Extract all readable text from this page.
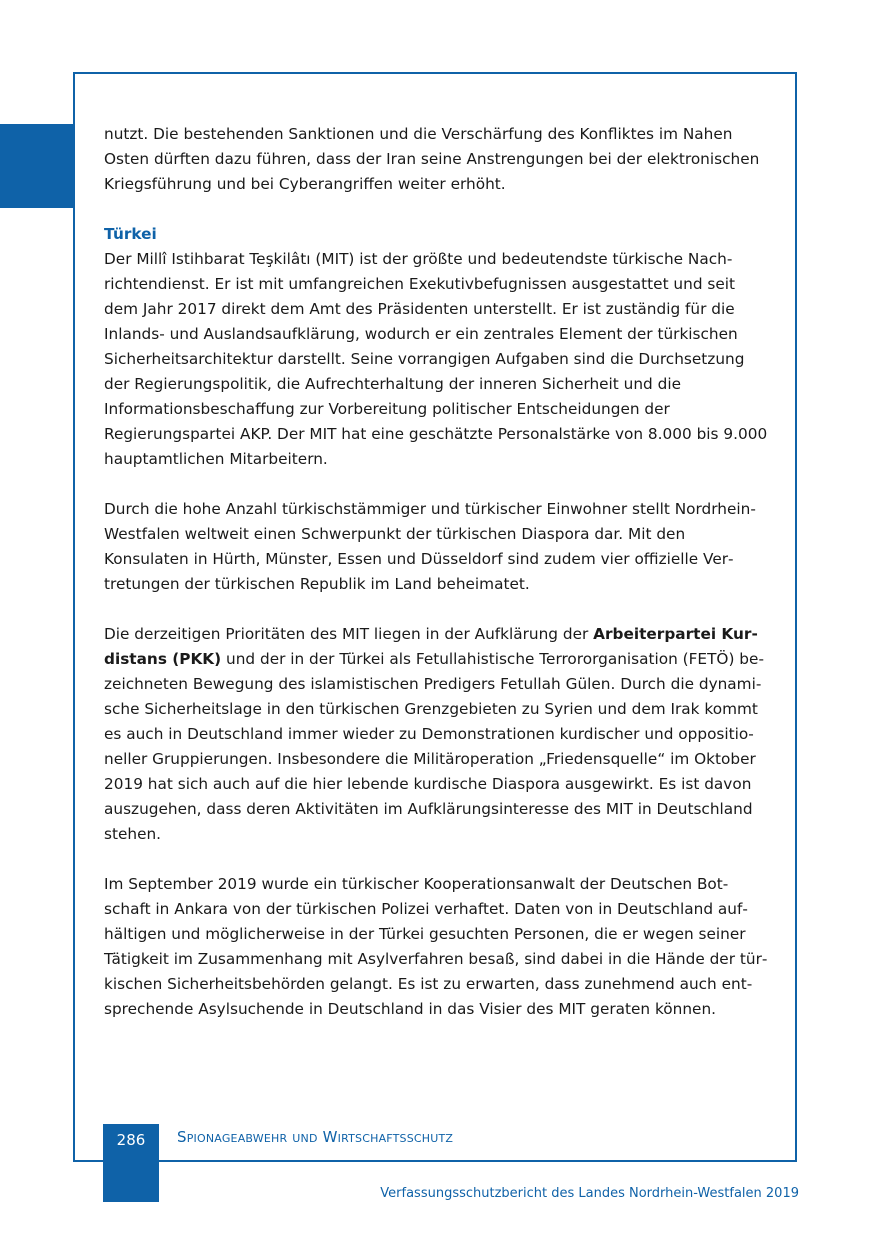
nutzt. Die bestehenden Sanktionen und die Verschärfung des Konfliktes im Nahen Osten dürften dazu führen, dass der Iran seine Anstrengungen bei der elektronischen Kriegsführung und bei Cyberangriffen weiter erhöht.

Türkei

Der Millî Istihbarat Teşkilâtı (MIT) ist der größte und bedeutendste türkische Nachrichtendienst. Er ist mit umfangreichen Exekutivbefugnissen ausgestattet und seit dem Jahr 2017 direkt dem Amt des Präsidenten unterstellt. Er ist zuständig für die Inlands- und Auslandsaufklärung, wodurch er ein zentrales Element der türkischen Sicherheitsarchitektur darstellt. Seine vorrangigen Aufgaben sind die Durchsetzung der Regierungspolitik, die Aufrechterhaltung der inneren Sicherheit und die Informationsbeschaffung zur Vorbereitung politischer Entscheidungen der Regierungspartei AKP. Der MIT hat eine geschätzte Personalstärke von 8.000 bis 9.000 hauptamtlichen Mitarbeitern.

Durch die hohe Anzahl türkischstämmiger und türkischer Einwohner stellt Nordrhein-Westfalen weltweit einen Schwerpunkt der türkischen Diaspora dar. Mit den Konsulaten in Hürth, Münster, Essen und Düsseldorf sind zudem vier offizielle Vertretungen der türkischen Republik im Land beheimatet.

Die derzeitigen Prioritäten des MIT liegen in der Aufklärung der Arbeiterpartei Kurdistans (PKK) und der in der Türkei als Fetullahistische Terrororganisation (FETÖ) bezeichneten Bewegung des islamistischen Predigers Fetullah Gülen. Durch die dynamische Sicherheitslage in den türkischen Grenzgebieten zu Syrien und dem Irak kommt es auch in Deutschland immer wieder zu Demonstrationen kurdischer und oppositioneller Gruppierungen. Insbesondere die Militäroperation „Friedensquelle“ im Oktober 2019 hat sich auch auf die hier lebende kurdische Diaspora ausgewirkt. Es ist davon auszugehen, dass deren Aktivitäten im Aufklärungsinteresse des MIT in Deutschland stehen.

Im September 2019 wurde ein türkischer Kooperationsanwalt der Deutschen Botschaft in Ankara von der türkischen Polizei verhaftet. Daten von in Deutschland aufhältigen und möglicherweise in der Türkei gesuchten Personen, die er wegen seiner Tätigkeit im Zusammenhang mit Asylverfahren besaß, sind dabei in die Hände der türkischen Sicherheitsbehörden gelangt. Es ist zu erwarten, dass zunehmend auch entsprechende Asylsuchende in Deutschland in das Visier des MIT geraten können.

286	Spionageabwehr und Wirtschaftsschutz
Verfassungsschutzbericht des Landes Nordrhein-Westfalen 2019
